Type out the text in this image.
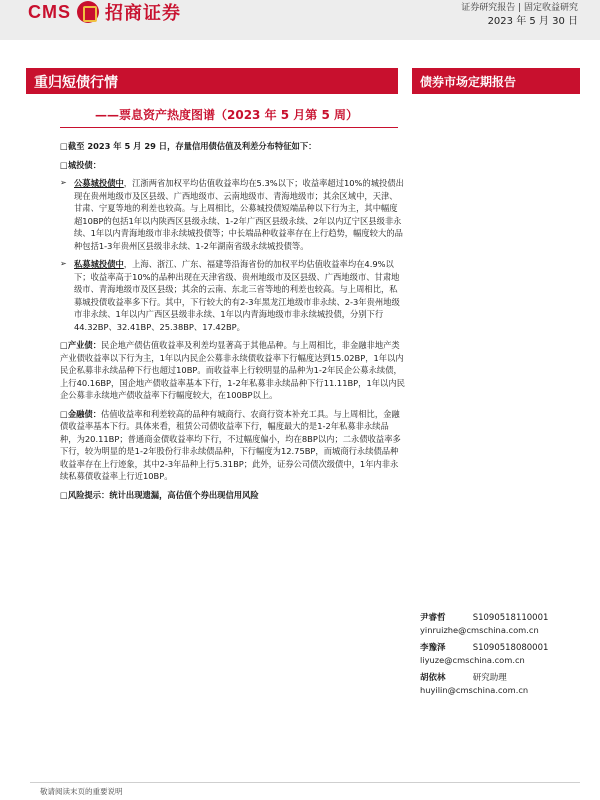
CMS 招商证券	证券研究报告 | 固定收益研究
2023 年 5 月 30 日
重归短债行情	债券市场定期报告
——票息资产热度图谱（2023 年 5 月第 5 周）

□截至 2023 年 5 月 29 日，存量信用债估值及利差分布特征如下：

□城投债：

➢ 公募城投债中，江浙两省加权平均估值收益率均在5.3%以下；收益率超过10%的城投债出现在贵州地级市及区县级、广西地级市、云南地级市、青海地级市；其余区域中，天津、甘肃、宁夏等地的利差也较高。与上周相比，公募城投债短端品种以下行为主，其中幅度超10BP的包括1年以内陕西区县级永续、1-2年广西区县级永续、2年以内辽宁区县级非永续、1年以内青海地级市非永续城投债等；中长端品种收益率存在上行趋势，幅度较大的品种包括1-3年贵州区县级非永续、1-2年湖南省级永续城投债等。
➢ 私募城投债中，上海、浙江、广东、福建等沿海省份的加权平均估值收益率均在4.9%以下；收益率高于10%的品种出现在天津省级、贵州地级市及区县级、广西地级市、甘肃地级市、青海地级市及区县级；其余的云南、东北三省等地的利差也较高。与上周相比，私募城投债收益率多下行。其中，下行较大的有2-3年黑龙江地级市非永续、2-3年贵州地级市非永续、1年以内广西区县级非永续、1年以内青海地级市非永续城投债，分别下行44.32BP、32.41BP、25.38BP、17.42BP。

□产业债：民企地产债估值收益率及利差均显著高于其他品种。与上周相比，非金融非地产类产业债收益率以下行为主，1年以内民企公募非永续债收益率下行幅度达到15.02BP，1年以内民企私募非永续品种下行也超过10BP。而收益率上行较明显的品种为1-2年民企公募永续债，上行40.16BP，国企地产债收益率基本下行，1-2年私募非永续品种下行11.11BP，1年以内民企公募非永续地产债收益率下行幅度较大，在100BP以上。

□金融债：估值收益率和利差较高的品种有城商行、农商行资本补充工具。与上周相比，金融债收益率基本下行。具体来看，租赁公司债收益率下行，幅度最大的是1-2年私募非永续品种，为20.11BP；普通商金债收益率均下行，不过幅度偏小，均在8BP以内；二永债收益率多下行，较为明显的是1-2年股份行非永续债品种，下行幅度为12.75BP，而城商行永续债品种收益率存在上行迹象，其中2-3年品种上行5.31BP；此外，证券公司债次级债中，1年内非永续私募债收益率上行近10BP。

□风险提示：统计出现遗漏，高估值个券出现信用风险

尹睿哲	S1090518110001
yinruizhe@cmschina.com.cn
李豫泽	S1090518080001
liyuze@cmschina.com.cn
胡依林	研究助理
huyilin@cmschina.com.cn
敬请阅读末页的重要说明
